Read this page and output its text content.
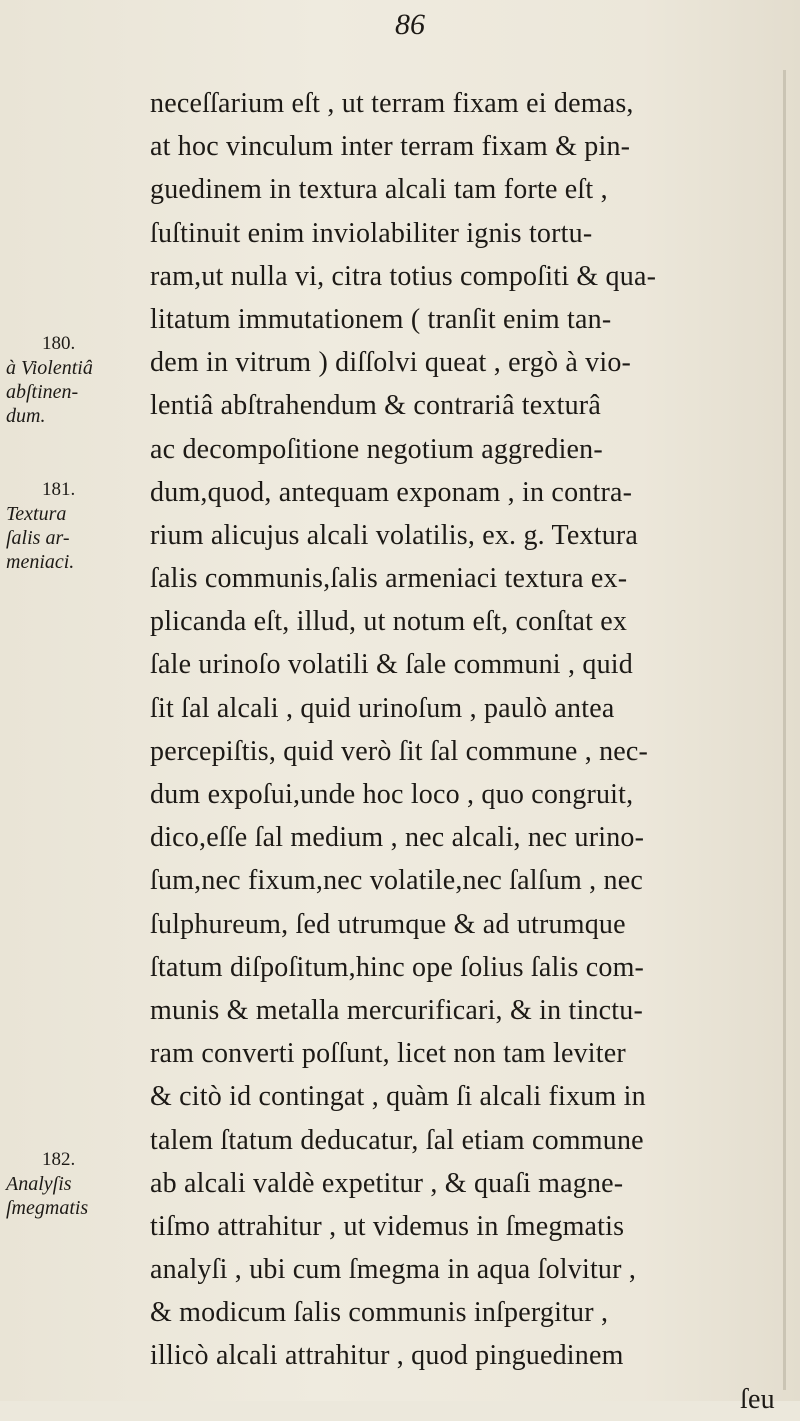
86
neceſſarium eſt , ut terram fixam ei demas,
at hoc vinculum inter terram fixam & pin-
guedinem in textura alcali tam forte eſt ,
ſuſtinuit enim inviolabiliter ignis tortu-
ram,ut nulla vi, citra totius compoſiti & qua-
litatum immutationem ( tranſit enim tan-
dem in vitrum ) diſſolvi queat , ergò à vio-
lentiâ abſtrahendum & contrariâ texturâ
ac decompoſitione negotium aggredien-
dum,quod, antequam exponam , in contra-
rium alicujus alcali volatilis, ex. g. Textura
ſalis communis,ſalis armeniaci textura ex-
plicanda eſt, illud, ut notum eſt, conſtat ex
ſale urinoſo volatili & ſale communi , quid
ſit ſal alcali , quid urinoſum , paulò antea
percepiſtis, quid verò ſit ſal commune , nec-
dum expoſui,unde hoc loco , quo congruit,
dico,eſſe ſal medium , nec alcali, nec urino-
ſum,nec fixum,nec volatile,nec ſalſum , nec
ſulphureum, ſed utrumque & ad utrumque
ſtatum diſpoſitum,hinc ope ſolius ſalis com-
munis & metalla mercurificari, & in tinctu-
ram converti poſſunt, licet non tam leviter
& citò id contingat , quàm ſi alcali fixum in
talem ſtatum deducatur, ſal etiam commune
ab alcali valdè expetitur , & quaſi magne-
tiſmo attrahitur , ut videmus in ſmegmatis
analyſi , ubi cum ſmegma in aqua ſolvitur ,
& modicum ſalis communis inſpergitur ,
illicò alcali attrahitur , quod pinguedinem
ſeu
180.
à Violentiâ
abſtinen-
dum.
181.
Textura
ſalis ar-
meniaci.
182.
Analyſis
ſmegmatis
